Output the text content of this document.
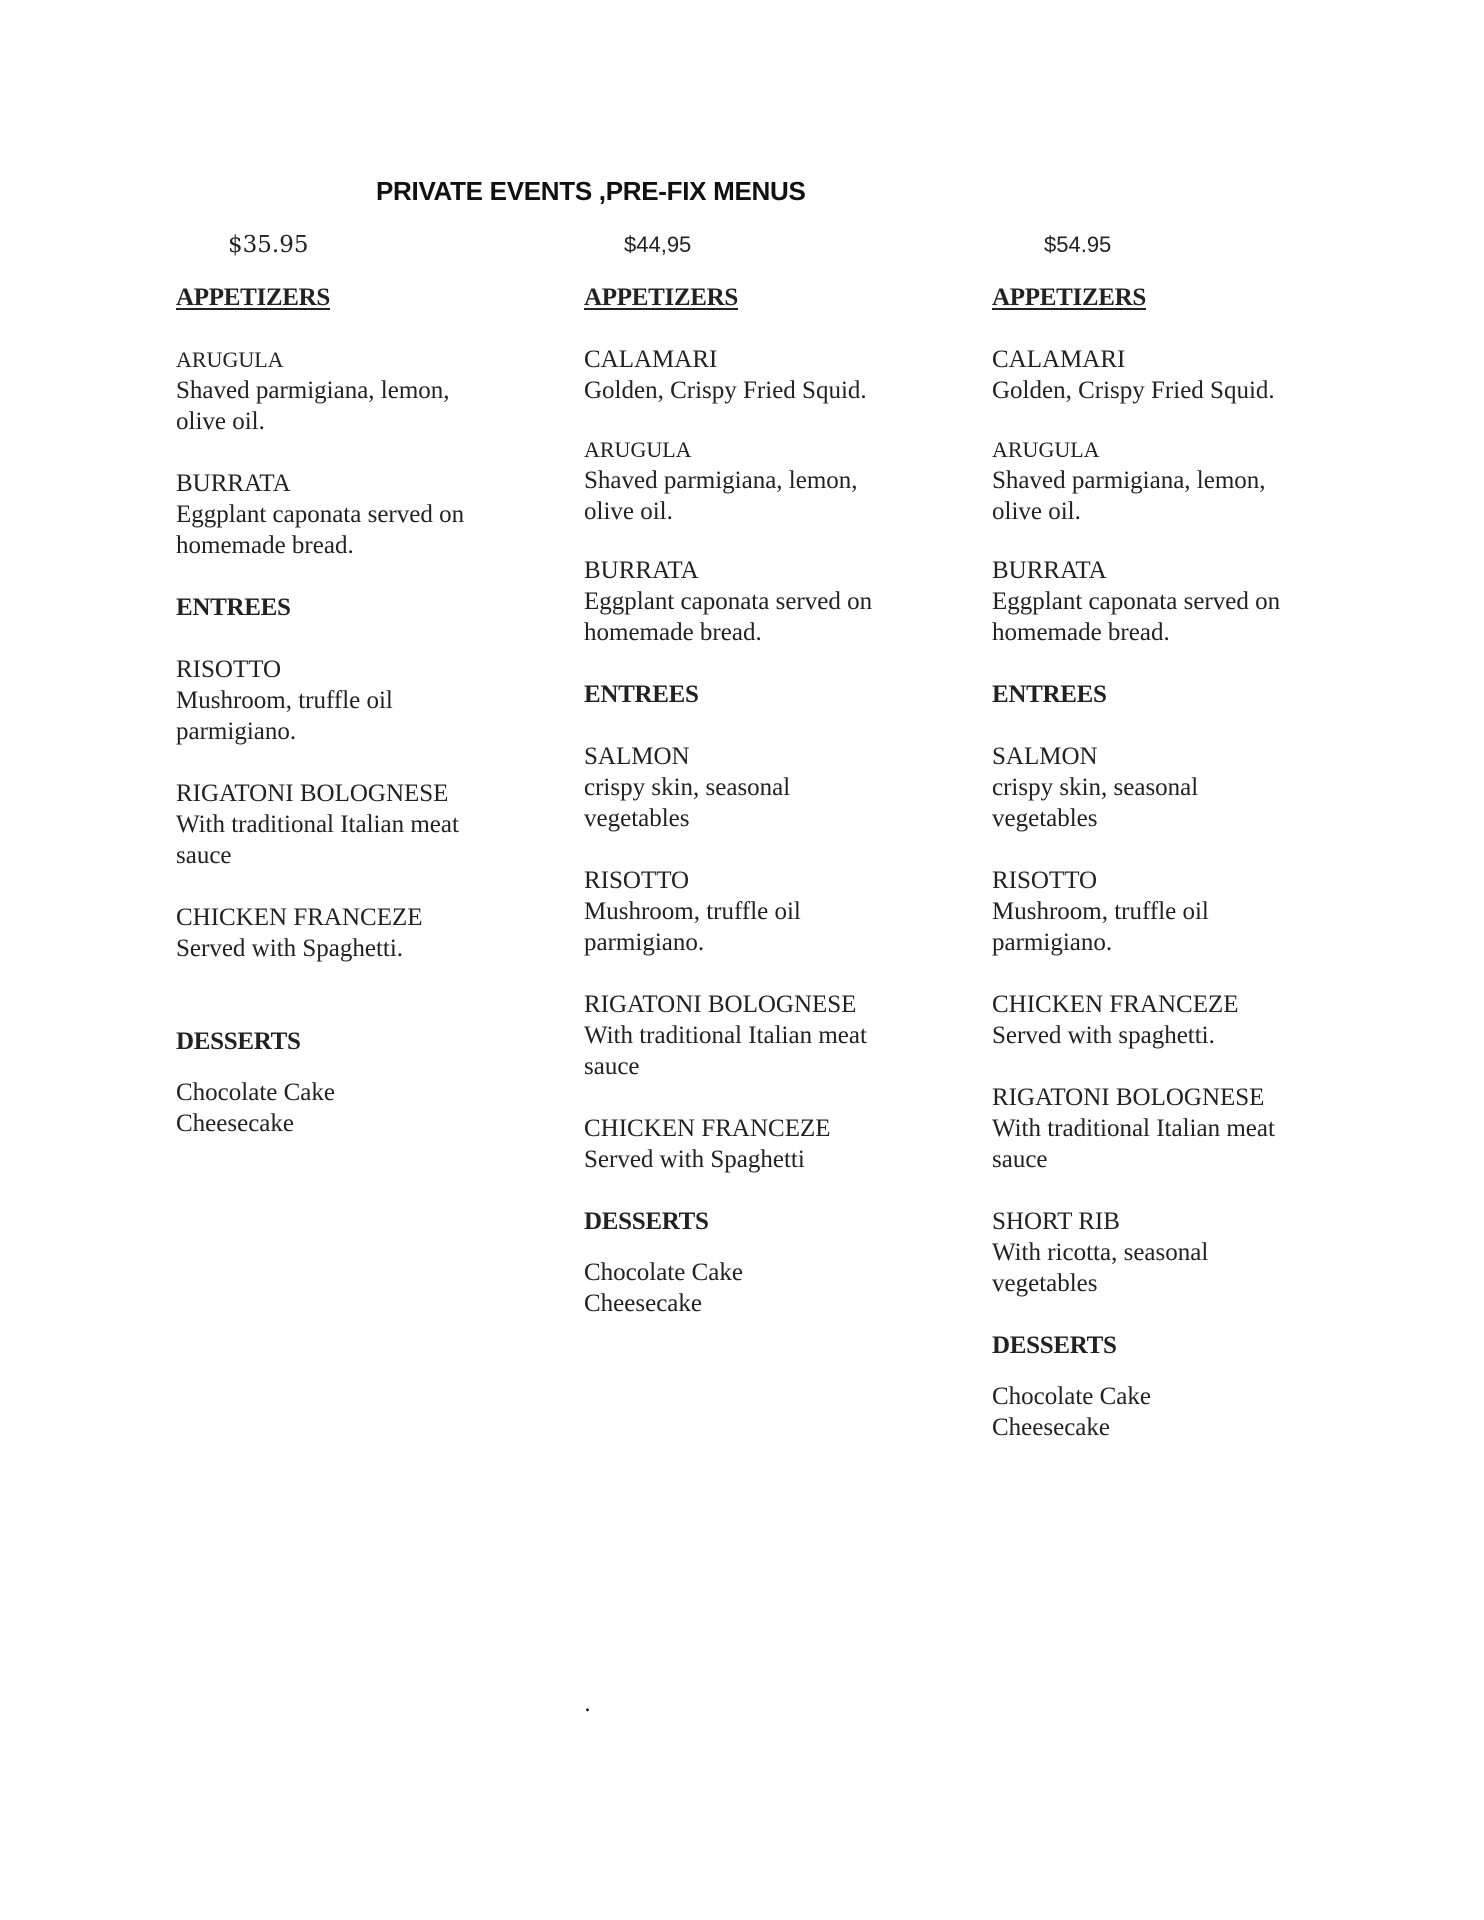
PRIVATE EVENTS ,PRE-FIX MENUS
$35.95	$44,95	$54.95
APPETIZERS
ARUGULA
Shaved parmigiana, lemon, olive oil.
BURRATA
Eggplant caponata served on homemade bread.
ENTREES
RISOTTO
Mushroom, truffle oil parmigiano.
RIGATONI BOLOGNESE
With traditional Italian meat sauce
CHICKEN FRANCEZE
Served with Spaghetti.
DESSERTS
Chocolate Cake
Cheesecake
APPETIZERS
CALAMARI
Golden, Crispy Fried Squid.
ARUGULA
Shaved parmigiana, lemon, olive oil.
BURRATA
Eggplant caponata served on homemade bread.
ENTREES
SALMON
crispy skin, seasonal vegetables
RISOTTO
Mushroom, truffle oil parmigiano.
RIGATONI BOLOGNESE
With traditional Italian meat sauce
CHICKEN FRANCEZE
Served with Spaghetti
DESSERTS
Chocolate Cake
Cheesecake
APPETIZERS
CALAMARI
Golden, Crispy Fried Squid.
ARUGULA
Shaved parmigiana, lemon, olive oil.
BURRATA
Eggplant caponata served on homemade bread.
ENTREES
SALMON
crispy skin, seasonal vegetables
RISOTTO
Mushroom, truffle oil parmigiano.
CHICKEN FRANCEZE
Served with spaghetti.
RIGATONI BOLOGNESE
With traditional Italian meat sauce
SHORT RIB
With ricotta, seasonal vegetables
DESSERTS
Chocolate Cake
Cheesecake
.
